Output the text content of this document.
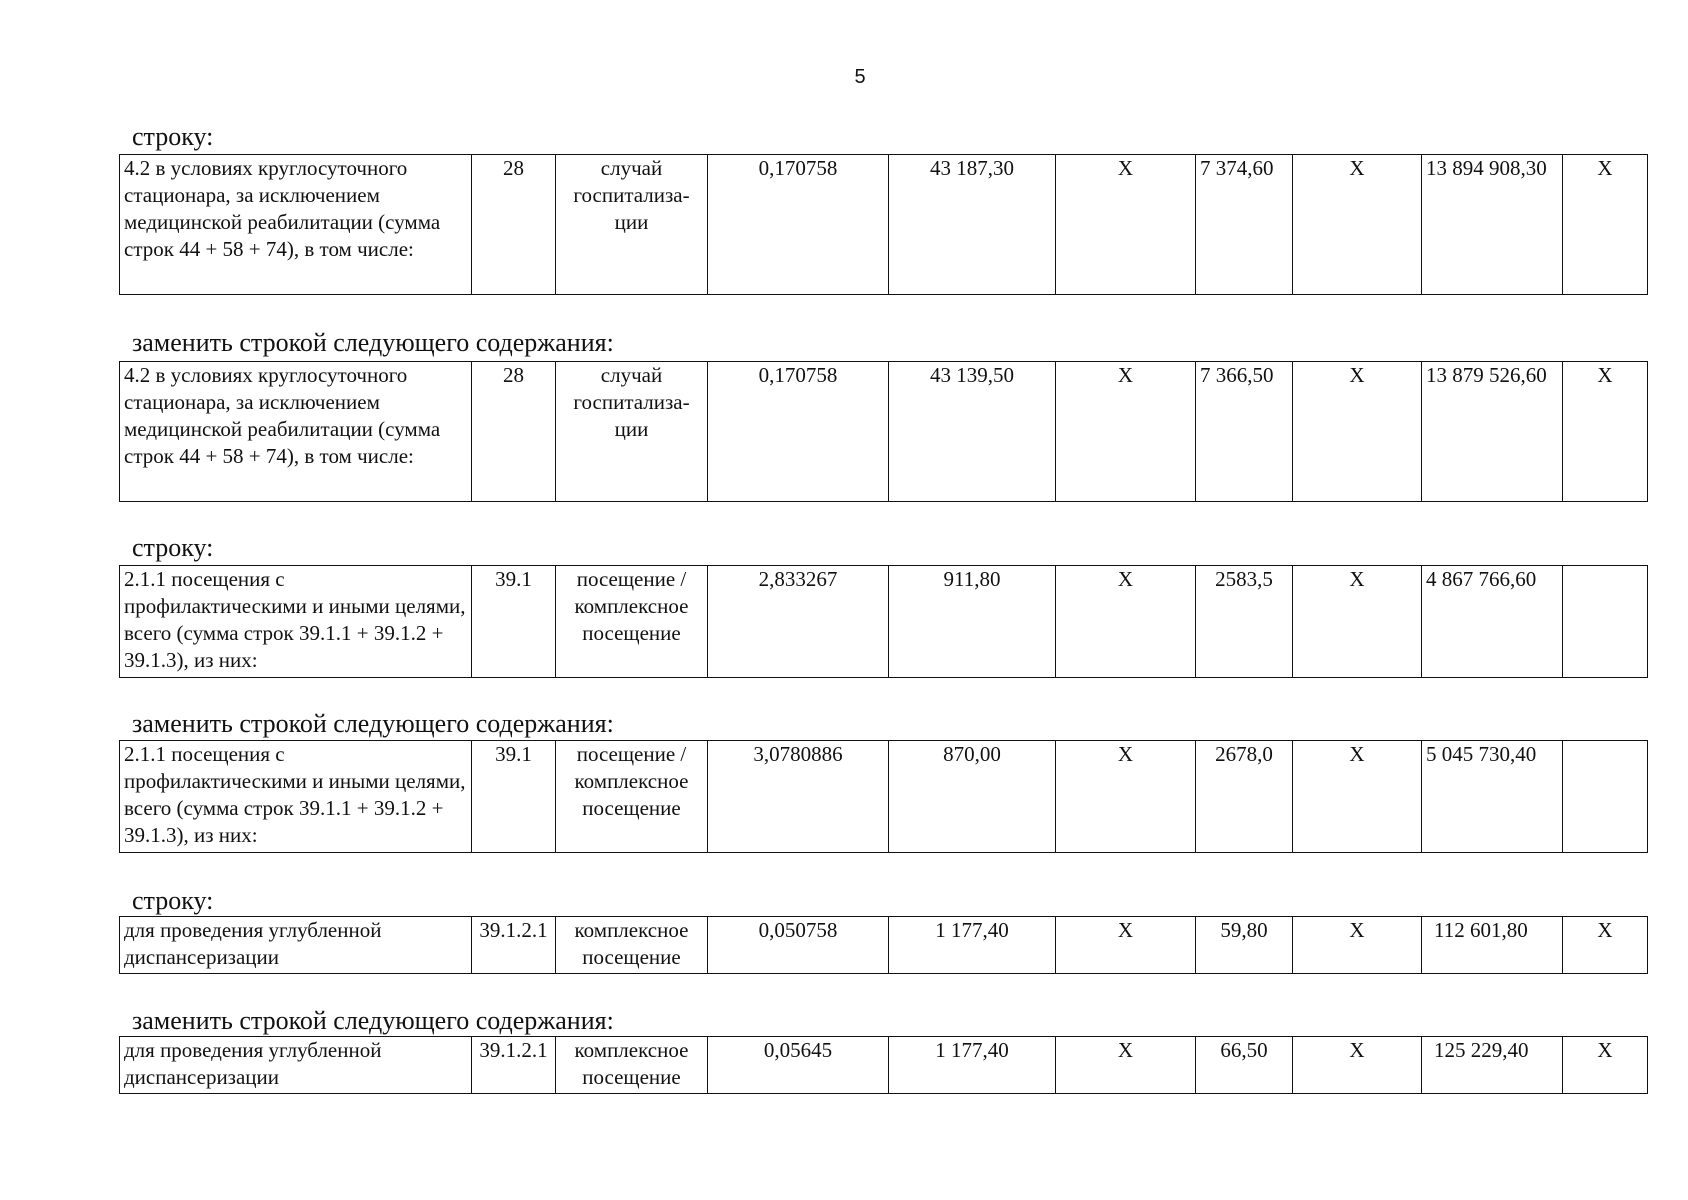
5
строку:
4.2 в условиях круглосуточного стационара, за исключением медицинской реабилитации (сумма строк 44 + 58 + 74), в том числе:	28	случай госпитализа-ции	0,170758	43 187,30	Х	7 374,60	Х	13 894 908,30	Х
заменить строкой следующего содержания:
4.2 в условиях круглосуточного стационара, за исключением медицинской реабилитации (сумма строк 44 + 58 + 74), в том числе:	28	случай госпитализа-ции	0,170758	43 139,50	Х	7 366,50	Х	13 879 526,60	Х
строку:
2.1.1 посещения с профилактическими и иными целями, всего (сумма строк 39.1.1 + 39.1.2 + 39.1.3), из них:	39.1	посещение / комплексное посещение	2,833267	911,80	Х	2583,5	Х	4 867 766,60	
заменить строкой следующего содержания:
2.1.1 посещения с профилактическими и иными целями, всего (сумма строк 39.1.1 + 39.1.2 + 39.1.3), из них:	39.1	посещение / комплексное посещение	3,0780886	870,00	Х	2678,0	Х	5 045 730,40	
строку:
для проведения углубленной диспансеризации	39.1.2.1	комплексное посещение	0,050758	1 177,40	Х	59,80	Х	112 601,80	Х
заменить строкой следующего содержания:
для проведения углубленной диспансеризации	39.1.2.1	комплексное посещение	0,05645	1 177,40	Х	66,50	Х	125 229,40	Х
